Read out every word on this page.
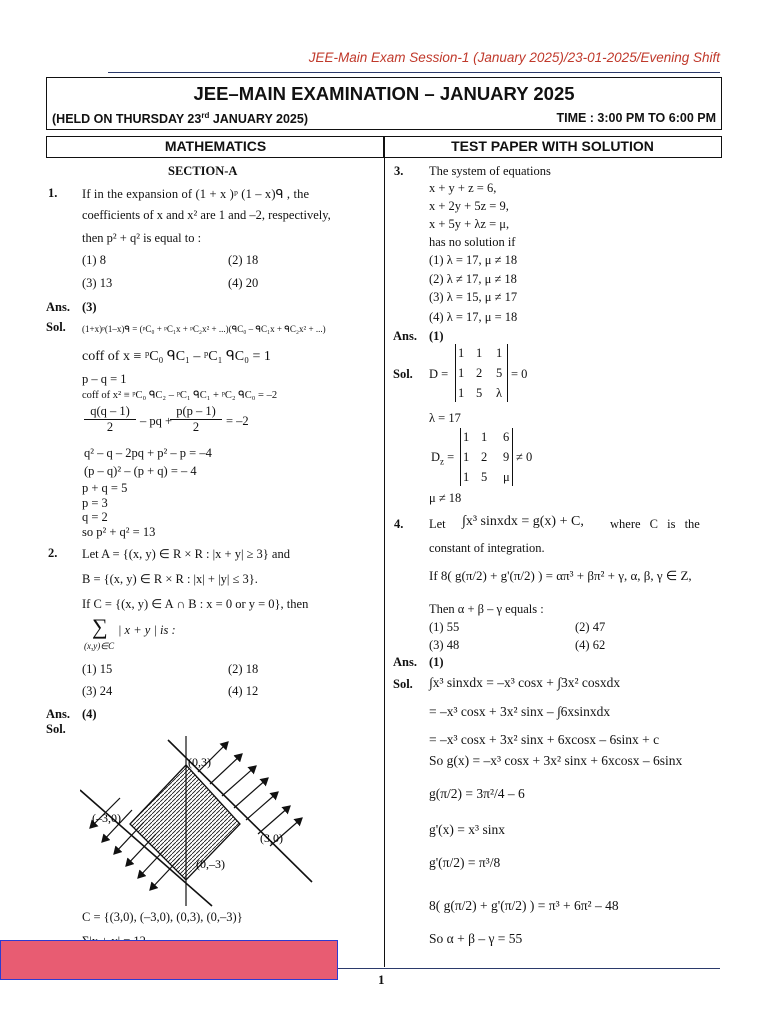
JEE-Main Exam Session-1 (January 2025)/23-01-2025/Evening Shift
JEE–MAIN EXAMINATION – JANUARY 2025
(HELD ON THURSDAY 23rd JANUARY 2025)	TIME : 3:00 PM TO 6:00 PM
MATHEMATICS	TEST PAPER WITH SOLUTION
SECTION-A
1. If in the expansion of (1 + x )ᵖ (1 – x)ᑫ , the
coefficients of x and x² are 1 and –2, respectively,
then p² + q² is equal to :
(1) 8	(2) 18
(3) 13	(4) 20
Ans. (3)
Sol. (1+x)ᵖ(1–x)ᑫ = (ᵖC₀ + ᵖC₁x + ᵖC₂x² + ...)(ᑫC₀ – ᑫC₁x + ᑫC₂x² + ...)
coff of x ≡ ᵖC₀ ᑫC₁ – ᵖC₁ ᑫC₀ = 1
p – q = 1
coff of x² ≡ ᵖC₀ ᑫC₂ – ᵖC₁ ᑫC₁ + ᵖC₂ ᑫC₀ = –2
q(q – 1)
2	– pq +
p(p – 1)
2	= –2
q² – q – 2pq + p² – p = –4
(p – q)² – (p + q) = – 4
p + q = 5
p = 3
q = 2
so p² + q² = 13
2. Let A = {(x, y) ∈ R × R : |x + y| ≥ 3} and
B = {(x, y) ∈ R × R : |x| + |y| ≤ 3}.
If C = {(x, y) ∈ A ∩ B : x = 0 or y = 0}, then
∑
(x,y)∈C
| x + y | is :
(1) 15	(2) 18
(3) 24	(4) 12
Ans. (4)
Sol.
(0,3)
(–3,0)
(3,0)
(0,–3)
C = {(3,0), (–3,0), (0,3), (0,–3)}
3. The system of equations
x + y + z = 6,
x + 2y + 5z = 9,
x + 5y + λz = μ,
has no solution if
(1) λ = 17, μ ≠ 18
(2) λ ≠ 17, μ ≠ 18
(3) λ = 15, μ ≠ 17
(4) λ = 17, μ = 18
Ans. (1)
Sol. D =
1 1 1
1 2 5
1 5 λ
= 0
λ = 17
$D_z$ =
1 1 6
1 2 9
1 5 μ
≠ 0
μ ≠ 18
4. Let ∫x³ sinxdx = g(x) + C, where C is the
constant of integration.
If 8( g(π/2) + g'(π/2) ) = απ³ + βπ² + γ, α, β, γ ∈ Z,
Then α + β – γ equals :
(1) 55	(2) 47
(3) 48	(4) 62
Ans. (1)
Sol. ∫x³ sinxdx = –x³ cosx + ∫3x² cosxdx
= –x³ cosx + 3x² sinx – ∫6xsinxdx
= –x³ cosx + 3x² sinx + 6xcosx – 6sinx + c
So g(x) = –x³ cosx + 3x² sinx + 6xcosx – 6sinx
g(π/2) = 3π²/4 – 6
g'(x) = x³ sinx
g'(π/2) = π³/8
8( g(π/2) + g'(π/2) ) = π³ + 6π² – 48
So α + β – γ = 55
1
